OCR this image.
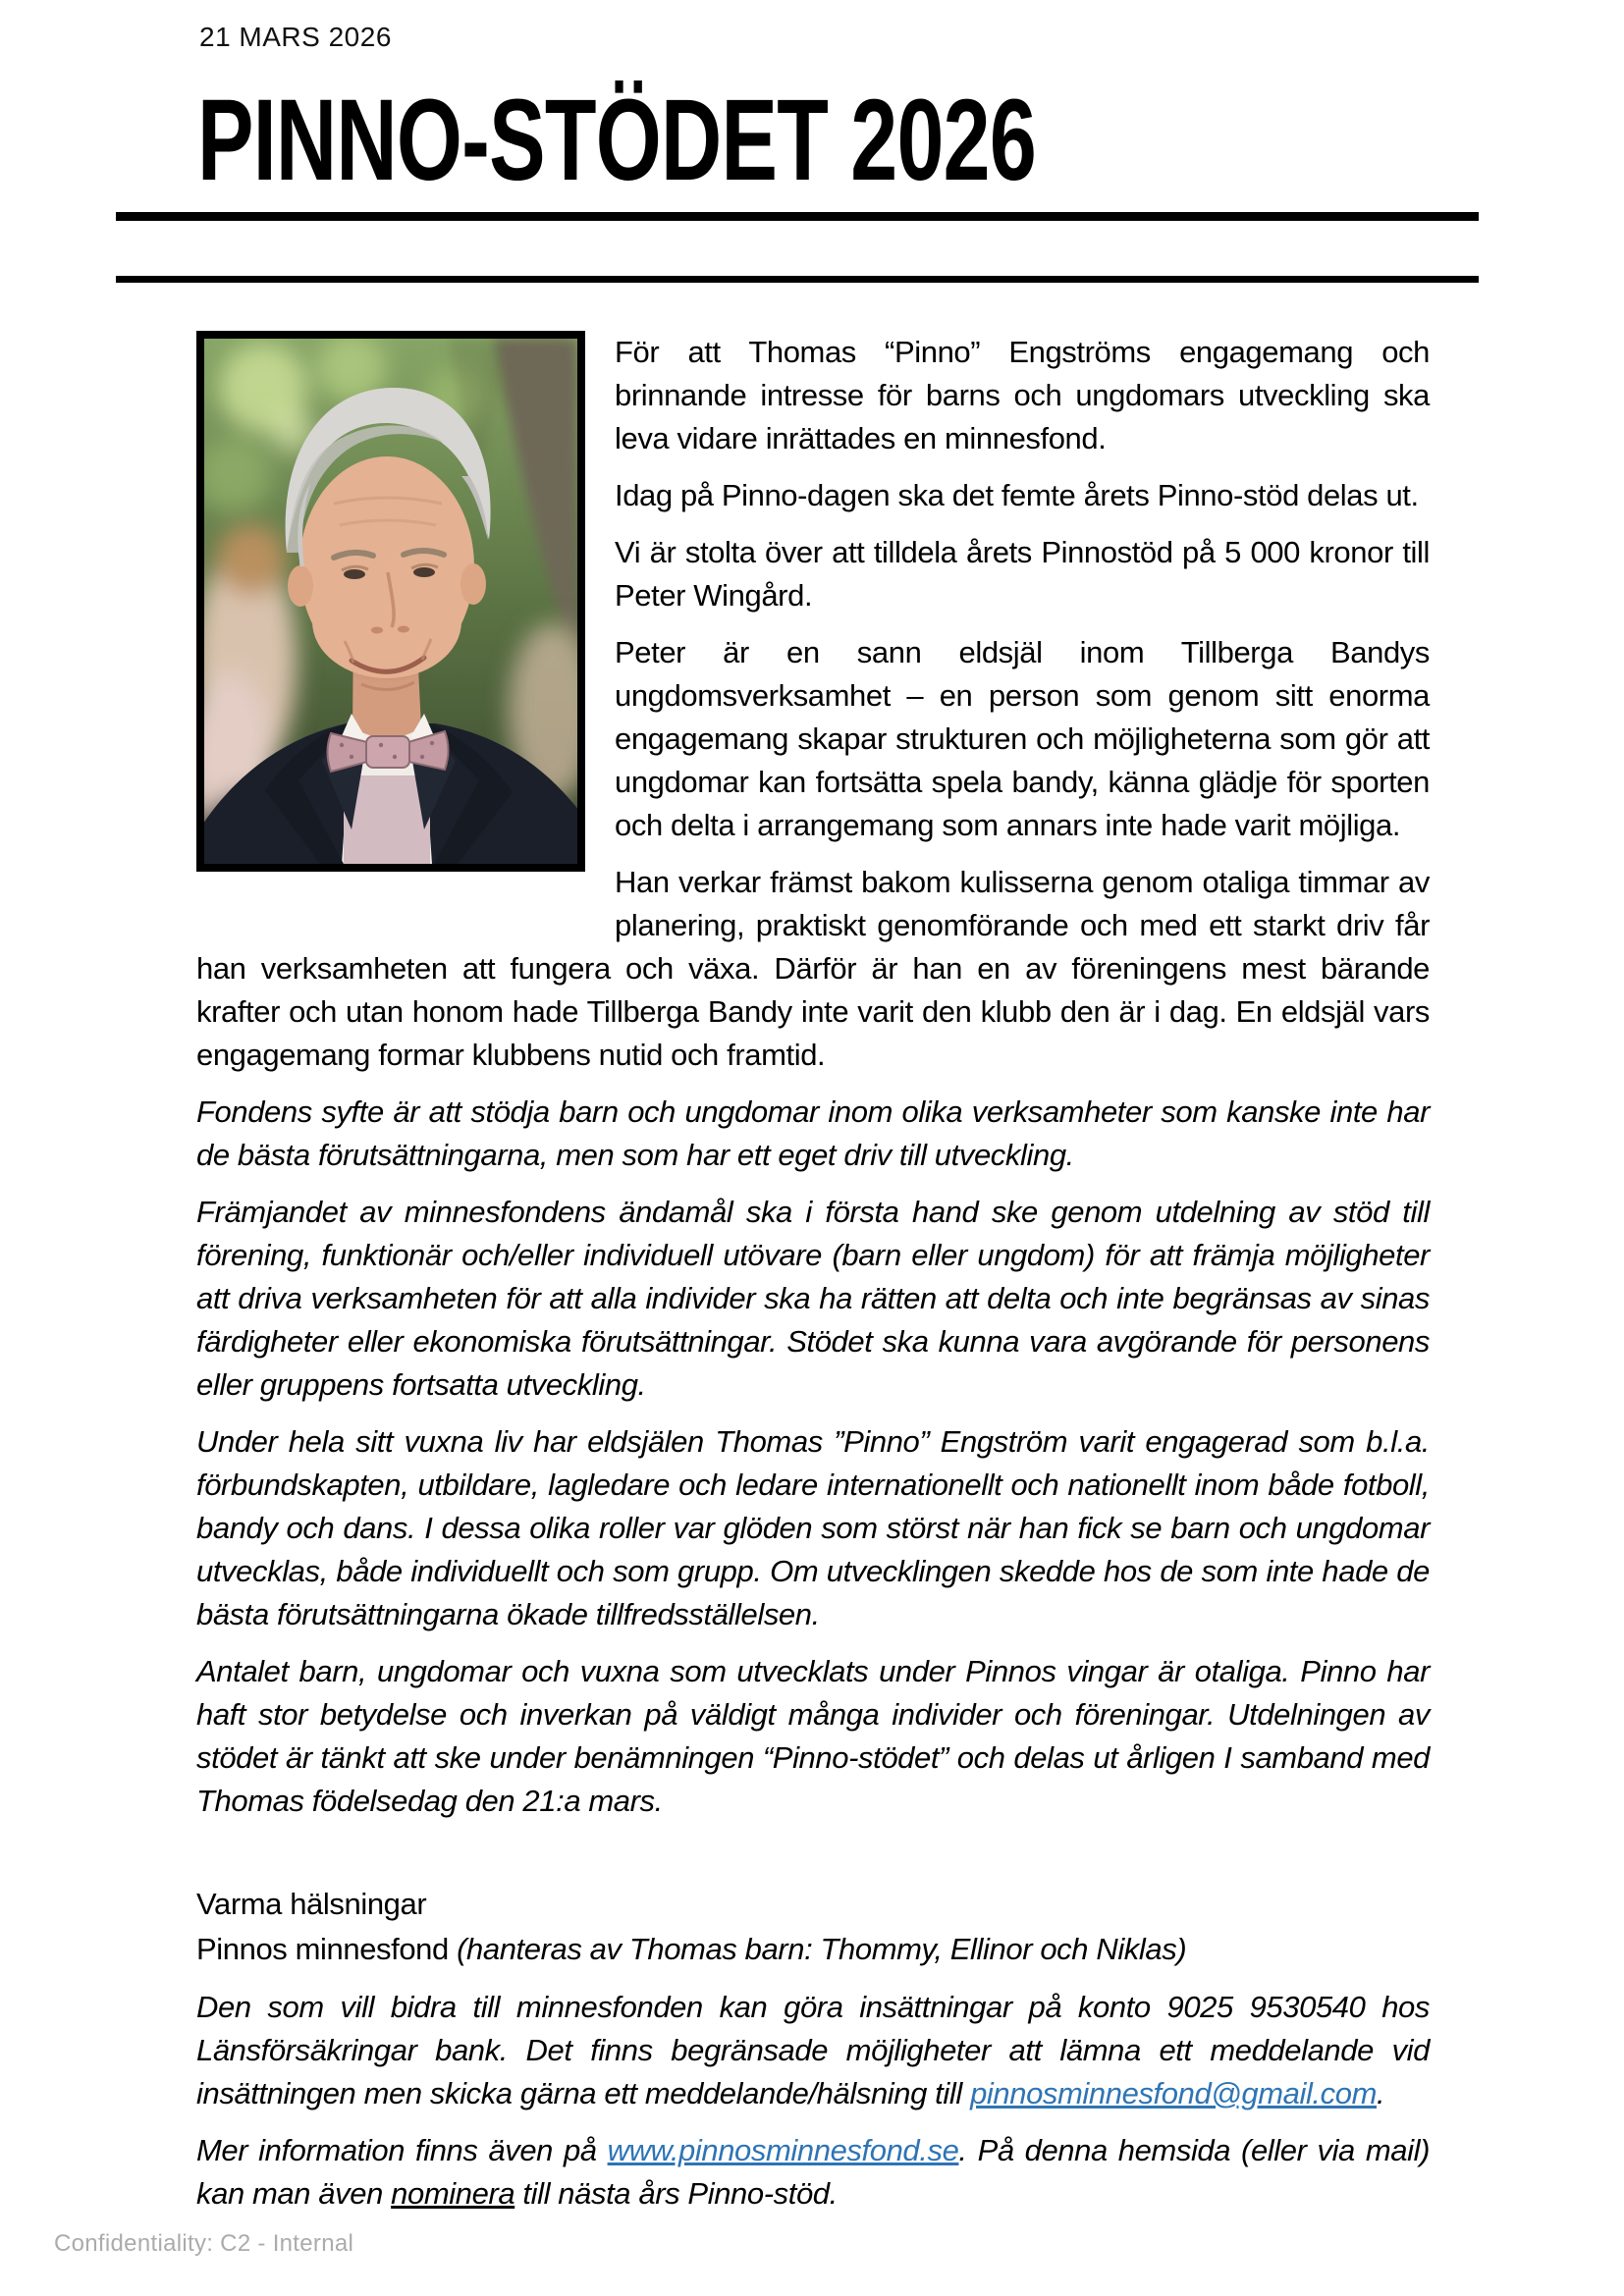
21 MARS 2026
PINNO-STÖDET 2026

För att Thomas “Pinno” Engströms engagemang och brinnande intresse för barns och ungdomars utveckling ska leva vidare inrättades en minnesfond.

Idag på Pinno-dagen ska det femte årets Pinno-stöd delas ut.

Vi är stolta över att tilldela årets Pinnostöd på 5 000 kronor till Peter Wingård.

Peter är en sann eldsjäl inom Tillberga Bandys ungdomsverksamhet – en person som genom sitt enorma engagemang skapar strukturen och möjligheterna som gör att ungdomar kan fortsätta spela bandy, känna glädje för sporten och delta i arrangemang som annars inte hade varit möjliga.

Han verkar främst bakom kulisserna genom otaliga timmar av planering, praktiskt genomförande och med ett starkt driv får han verksamheten att fungera och växa. Därför är han en av föreningens mest bärande krafter och utan honom hade Tillberga Bandy inte varit den klubb den är i dag. En eldsjäl vars engagemang formar klubbens nutid och framtid.

Fondens syfte är att stödja barn och ungdomar inom olika verksamheter som kanske inte har de bästa förutsättningarna, men som har ett eget driv till utveckling.

Främjandet av minnesfondens ändamål ska i första hand ske genom utdelning av stöd till förening, funktionär och/eller individuell utövare (barn eller ungdom) för att främja möjligheter att driva verksamheten för att alla individer ska ha rätten att delta och inte begränsas av sinas färdigheter eller ekonomiska förutsättningar. Stödet ska kunna vara avgörande för personens eller gruppens fortsatta utveckling.

Under hela sitt vuxna liv har eldsjälen Thomas ”Pinno” Engström varit engagerad som b.l.a. förbundskapten, utbildare, lagledare och ledare internationellt och nationellt inom både fotboll, bandy och dans. I dessa olika roller var glöden som störst när han fick se barn och ungdomar utvecklas, både individuellt och som grupp. Om utvecklingen skedde hos de som inte hade de bästa förutsättningarna ökade tillfredsställelsen.

Antalet barn, ungdomar och vuxna som utvecklats under Pinnos vingar är otaliga. Pinno har haft stor betydelse och inverkan på väldigt många individer och föreningar. Utdelningen av stödet är tänkt att ske under benämningen “Pinno-stödet” och delas ut årligen I samband med Thomas födelsedag den 21:a mars.

Varma hälsningar
Pinnos minnesfond (hanteras av Thomas barn: Thommy, Ellinor och Niklas)

Den som vill bidra till minnesfonden kan göra insättningar på konto 9025 9530540 hos Länsförsäkringar bank. Det finns begränsade möjligheter att lämna ett meddelande vid insättningen men skicka gärna ett meddelande/hälsning till pinnosminnesfond@gmail.com.

Mer information finns även på www.pinnosminnesfond.se. På denna hemsida (eller via mail) kan man även nominera till nästa års Pinno-stöd.

Confidentiality: C2 - Internal
